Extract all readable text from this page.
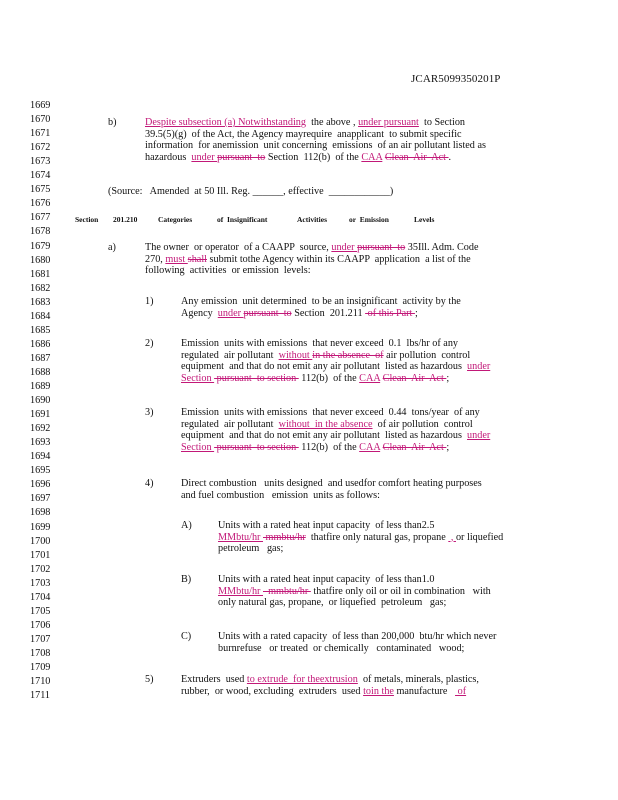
JCAR5099350201P
1669
1670
1671
1672
1673
1674
1675
1676
1677
1678
1679
1680
1681
1682
1683
1684
1685
1686
1687
1688
1689
1690
1691
1692
1693
1694
1695
1696
1697
1698
1699
1700
1701
1702
1703
1704
1705
1706
1707
1708
1709
1710
1711
b)	Despite subsection (a) Notwithstanding  the above , under pursuant  to Section
39.5(5)(g)  of the Act, the Agency mayrequire  anapplicant  to submit specific
information  for anemission  unit concerning  emissions  of an air pollutant listed as
hazardous  under pursuant  to Section  112(b)  of the CAA Clean  Air  Act .
(Source:   Amended  at 50 Ill. Reg. ______, effective  ____________)
Section 201.210	Categories	of  Insignificant	Activities	or  Emission	Levels
a)	The owner  or operator  of a CAAPP  source, under pursuant  to 35Ill. Adm. Code
270, must shall submit tothe Agency within its CAAPP  application  a list of the
following  activities  or emission  levels:
1)	Any emission  unit determined  to be an insignificant  activity by the
Agency  under pursuant  to Section  201.211  of this Part ;
2)	Emission  units with emissions  that never exceed  0.1  lbs/hr of any
regulated  air pollutant  without in the absence  of air pollution  control
equipment  and that do not emit any air pollutant  listed as hazardous  under
Section  pursuant  to section  112(b)  of the CAA Clean  Air  Act ;
3)	Emission  units with emissions  that never exceed  0.44  tons/year  of any
regulated  air pollutant  without  in the absence  of air pollution  control
equipment  and that do not emit any air pollutant  listed as hazardous  under
Section  pursuant  to section  112(b)  of the CAA Clean  Air  Act ;
4)	Direct combustion   units designed  and usedfor comfort heating purposes
and fuel combustion   emission  units as follows:
A)	Units with a rated heat input capacity  of less than2.5
MMbtu/hr  mmbtu/hr  thatfire only natural gas, propane  , or liquefied
petroleum   gas;
B)	Units with a rated heat input capacity  of less than1.0
MMbtu/hr   mmbtu/hr  thatfire only oil or oil in combination   with
only natural gas, propane,  or liquefied  petroleum   gas;
C)	Units with a rated capacity  of less than 200,000  btu/hr which never
burnrefuse   or treated  or chemically   contaminated   wood;
5)	Extruders  used to extrude  for theextrusion  of metals, minerals, plastics,
rubber,  or wood, excluding  extruders  used toin the manufacture    of
